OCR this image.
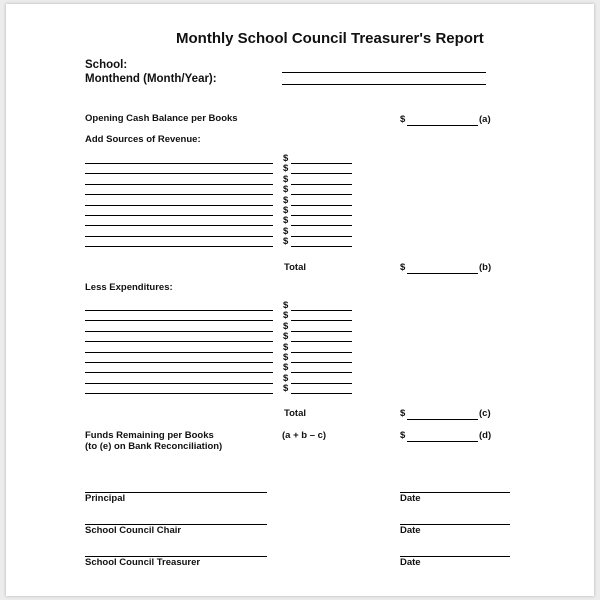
Monthly School Council Treasurer's Report
School:
Monthend (Month/Year):
Opening Cash Balance per Books	$	(a)
Add Sources of Revenue:
$
$
$
$
$
$
$
$
$
Total	$	(b)
Less Expenditures:
$
$
$
$
$
$
$
$
$
Total	$	(c)
Funds Remaining per Books
(to (e) on Bank Reconciliation)
(a + b – c)	$	(d)
Principal	Date
School Council Chair	Date
School Council Treasurer	Date
